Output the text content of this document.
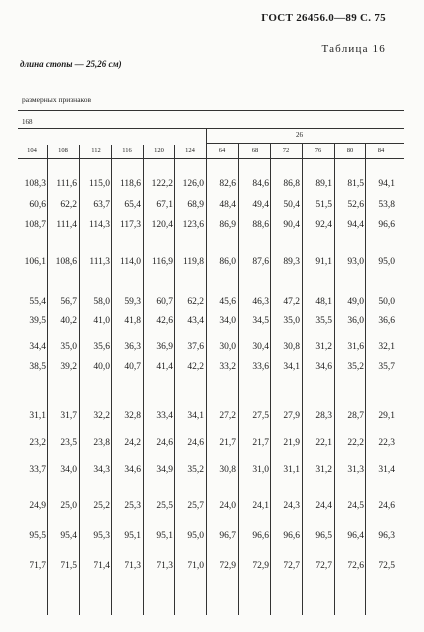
ГОСТ 26456.0—89 С. 75
Таблица 16
длина стопы — 25,26 см)
размерных признаков
168
26
104	108	112	116	120	124	64	68	72	76	80	84
108,3	111,6	115,0	118,6	122,2	126,0	82,6	84,6	86,8	89,1	81,5	94,1
60,6	62,2	63,7	65,4	67,1	68,9	48,4	49,4	50,4	51,5	52,6	53,8
108,7	111,4	114,3	117,3	120,4	123,6	86,9	88,6	90,4	92,4	94,4	96,6
106,1	108,6	111,3	114,0	116,9	119,8	86,0	87,6	89,3	91,1	93,0	95,0
55,4	56,7	58,0	59,3	60,7	62,2	45,6	46,3	47,2	48,1	49,0	50,0
39,5	40,2	41,0	41,8	42,6	43,4	34,0	34,5	35,0	35,5	36,0	36,6
34,4	35,0	35,6	36,3	36,9	37,6	30,0	30,4	30,8	31,2	31,6	32,1
38,5	39,2	40,0	40,7	41,4	42,2	33,2	33,6	34,1	34,6	35,2	35,7
31,1	31,7	32,2	32,8	33,4	34,1	27,2	27,5	27,9	28,3	28,7	29,1
23,2	23,5	23,8	24,2	24,6	24,6	21,7	21,7	21,9	22,1	22,2	22,3
33,7	34,0	34,3	34,6	34,9	35,2	30,8	31,0	31,1	31,2	31,3	31,4
24,9	25,0	25,2	25,3	25,5	25,7	24,0	24,1	24,3	24,4	24,5	24,6
95,5	95,4	95,3	95,1	95,1	95,0	96,7	96,6	96,6	96,5	96,4	96,3
71,7	71,5	71,4	71,3	71,3	71,0	72,9	72,9	72,7	72,7	72,6	72,5
